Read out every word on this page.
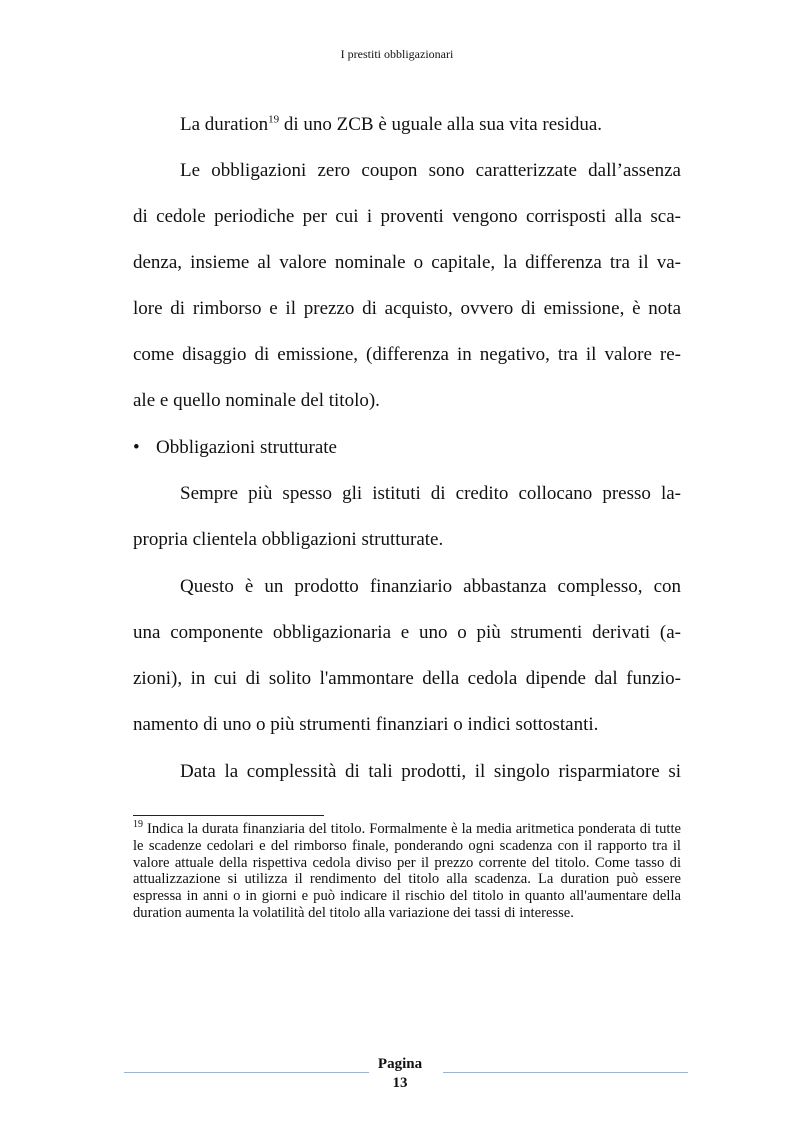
I prestiti obbligazionari
La duration$^{19}$ di uno ZCB è uguale alla sua vita residua.
Le obbligazioni zero coupon sono caratterizzate dall’assenza
di cedole periodiche per cui i proventi vengono corrisposti alla sca-
denza, insieme al valore nominale o capitale, la differenza tra il va-
lore di rimborso e il prezzo di acquisto, ovvero di emissione, è nota
come disaggio di emissione, (differenza in negativo, tra il valore re-
ale e quello nominale del titolo).
• Obbligazioni strutturate
Sempre più spesso gli istituti di credito collocano presso la-
propria clientela obbligazioni strutturate.
Questo è un prodotto finanziario abbastanza complesso, con
una componente obbligazionaria e uno o più strumenti derivati (a-
zioni), in cui di solito l'ammontare della cedola dipende dal funzio-
namento di uno o più strumenti finanziari o indici sottostanti.
Data la complessità di tali prodotti, il singolo risparmiatore si

$^{19}$ Indica la durata finanziaria del titolo. Formalmente è la media aritmetica ponderata di tutte le scadenze cedolari e del rimborso finale, ponderando ogni scadenza con il rapporto tra il valore attuale della rispettiva cedola diviso per il prezzo corrente del titolo. Come tasso di attualizzazione si utilizza il rendimento del titolo alla scadenza. La duration può essere espressa in anni o in giorni e può indicare il rischio del titolo in quanto all'aumentare della duration aumenta la volatilità del titolo alla variazione dei tassi di interesse.

Pagina
13
